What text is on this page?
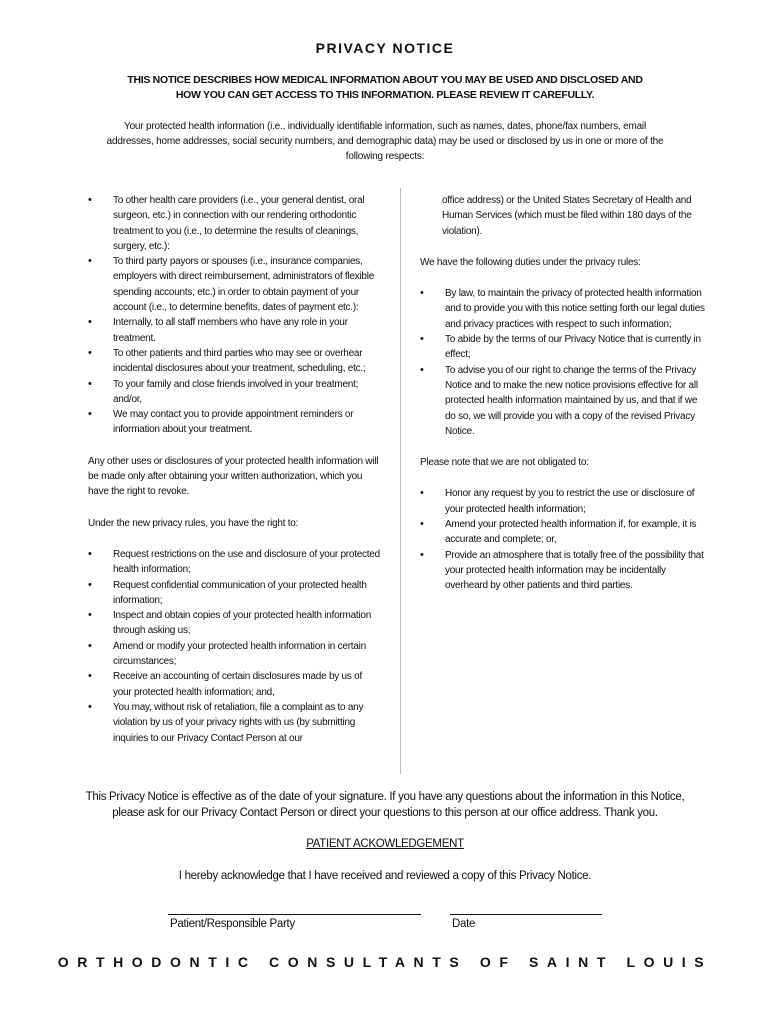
PRIVACY NOTICE
THIS NOTICE DESCRIBES HOW MEDICAL INFORMATION ABOUT YOU MAY BE USED AND DISCLOSED AND
HOW YOU CAN GET ACCESS TO THIS INFORMATION. PLEASE REVIEW IT CAREFULLY.
Your protected health information (i.e., individually identifiable information, such as names, dates, phone/fax numbers, email addresses, home addresses, social security numbers, and demographic data) may be used or disclosed by us in one or more of the following respects:
• To other health care providers (i.e., your general dentist, oral surgeon, etc.) in connection with our rendering orthodontic treatment to you (i.e., to determine the results of cleanings, surgery, etc.):
• To third party payors or spouses (i.e., insurance companies, employers with direct reimbursement, administrators of flexible spending accounts, etc.) in order to obtain payment of your account (i.e., to determine benefits, dates of payment etc.):
• Internally, to all staff members who have any role in your treatment.
• To other patients and third parties who may see or overhear incidental disclosures about your treatment, scheduling, etc.;
• To your family and close friends involved in your treatment; and/or,
• We may contact you to provide appointment reminders or information about your treatment.

Any other uses or disclosures of your protected health information will be made only after obtaining your written authorization, which you have the right to revoke.

Under the new privacy rules, you have the right to:

• Request restrictions on the use and disclosure of your protected health information;
• Request confidential communication of your protected health information;
• Inspect and obtain copies of your protected health information through asking us;
• Amend or modify your protected health information in certain circumstances;
• Receive an accounting of certain disclosures made by us of your protected health information; and,
• You may, without risk of retaliation, file a complaint as to any violation by us of your privacy rights with us (by submitting inquiries to our Privacy Contact Person at our

office address) or the United States Secretary of Health and Human Services (which must be filed within 180 days of the violation).

We have the following duties under the privacy rules:

• By law, to maintain the privacy of protected health information and to provide you with this notice setting forth our legal duties and privacy practices with respect to such information;
• To abide by the terms of our Privacy Notice that is currently in effect;
• To advise you of our right to change the terms of the Privacy Notice and to make the new notice provisions effective for all protected health information maintained by us, and that if we do so, we will provide you with a copy of the revised Privacy Notice.

Please note that we are not obligated to:

• Honor any request by you to restrict the use or disclosure of your protected health information;
• Amend your protected health information if, for example, it is accurate and complete; or,
• Provide an atmosphere that is totally free of the possibility that your protected health information may be incidentally overheard by other patients and third parties.
This Privacy Notice is effective as of the date of your signature. If you have any questions about the information in this Notice,
please ask for our Privacy Contact Person or direct your questions to this person at our office address. Thank you.
PATIENT ACKOWLEDGEMENT
I hereby acknowledge that I have received and reviewed a copy of this Privacy Notice.
Patient/Responsible Party	Date
ORTHODONTIC CONSULTANTS OF SAINT LOUIS
